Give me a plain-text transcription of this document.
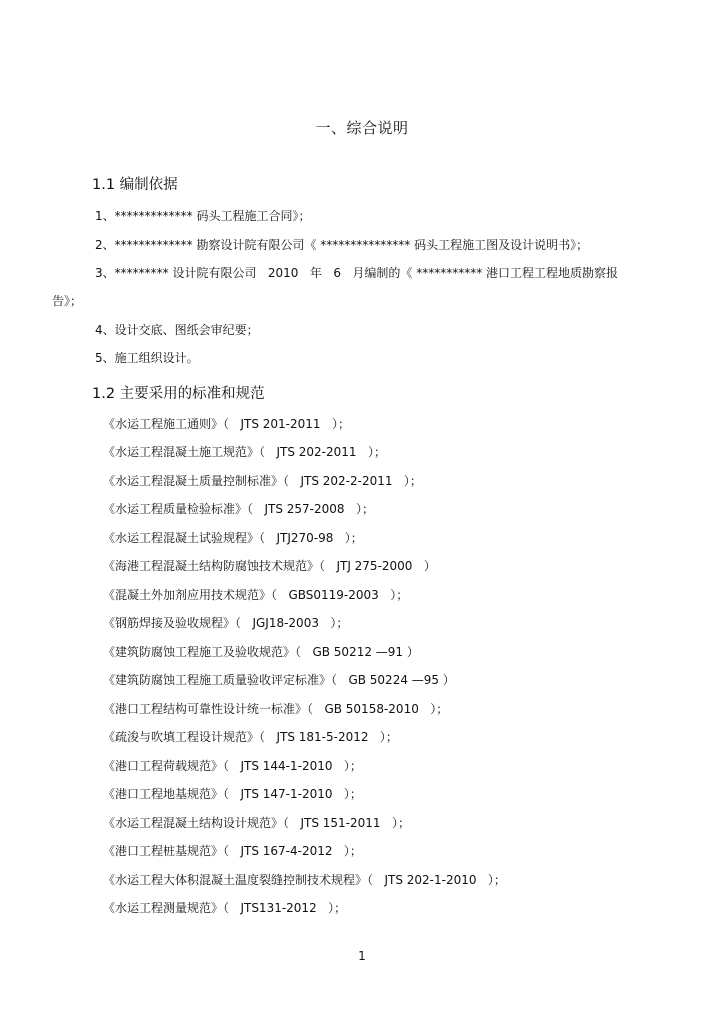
一、综合说明
1.1 编制依据
1、************* 码头工程施工合同》；
2、************* 勘察设计院有限公司《 *************** 码头工程施工图及设计说明书》；
3、********* 设计院有限公司   2010   年   6   月编制的《 *********** 港口工程工程地质勘察报
告》；
4、设计交底、图纸会审纪要；
5、施工组织设计。
1.2 主要采用的标准和规范
《水运工程施工通则》（   JTS 201-2011   ）；
《水运工程混凝土施工规范》（   JTS 202-2011   ）；
《水运工程混凝土质量控制标准》（   JTS 202-2-2011   ）；
《水运工程质量检验标准》（   JTS 257-2008   ）；
《水运工程混凝土试验规程》（   JTJ270-98   ）；
《海港工程混凝土结构防腐蚀技术规范》（   JTJ 275-2000   ）
《混凝土外加剂应用技术规范》（   GBS0119-2003   ）；
《钢筋焊接及验收规程》（   JGJ18-2003   ）；
《建筑防腐蚀工程施工及验收规范》（   GB 50212 —91 ）
《建筑防腐蚀工程施工质量验收评定标准》（   GB 50224 —95 ）
《港口工程结构可靠性设计统一标准》（   GB 50158-2010   ）；
《疏浚与吹填工程设计规范》（   JTS 181-5-2012   ）；
《港口工程荷载规范》（   JTS 144-1-2010   ）；
《港口工程地基规范》（   JTS 147-1-2010   ）；
《水运工程混凝土结构设计规范》（   JTS 151-2011   ）；
《港口工程桩基规范》（   JTS 167-4-2012   ）；
《水运工程大体积混凝土温度裂缝控制技术规程》（   JTS 202-1-2010   ）；
《水运工程测量规范》（   JTS131-2012   ）；
1
